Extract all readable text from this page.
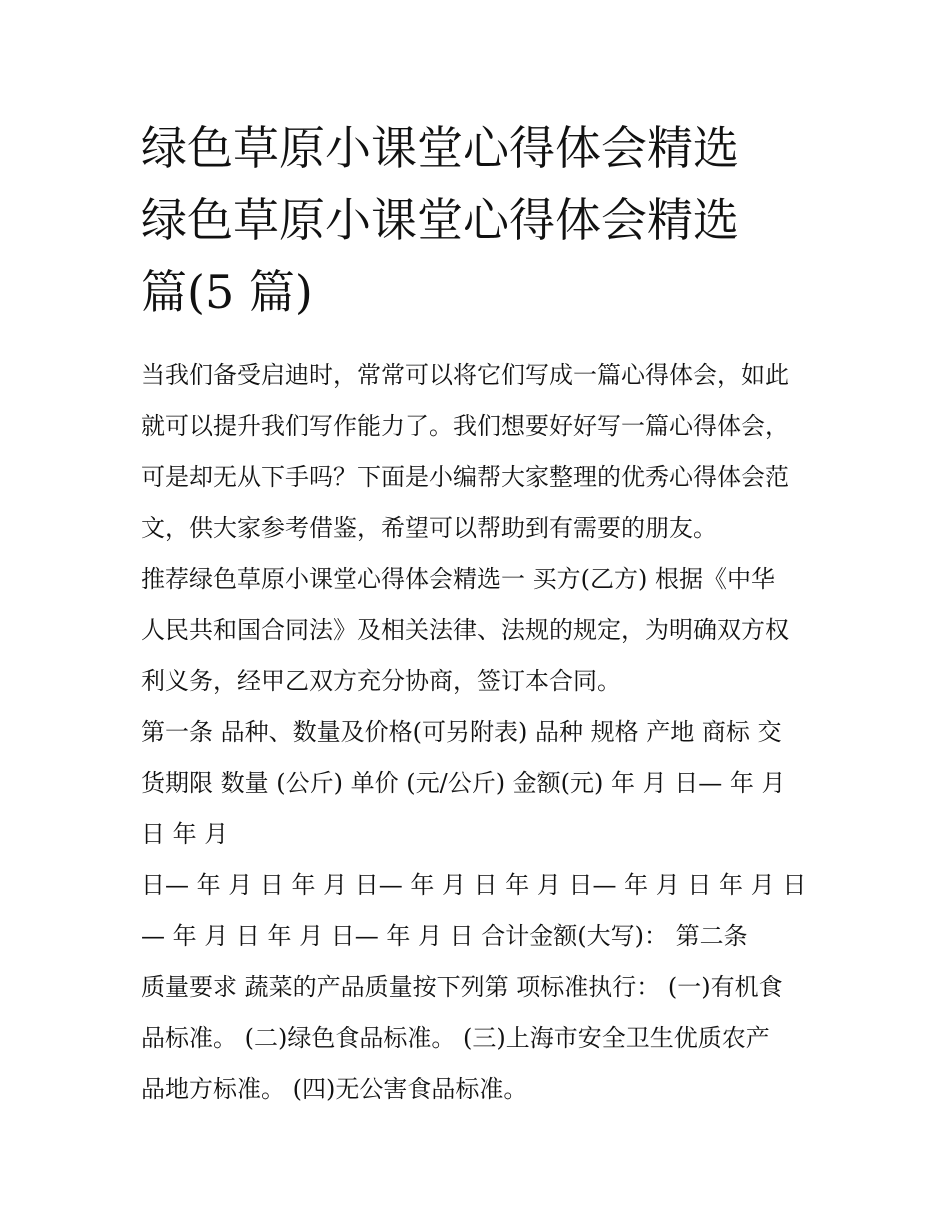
绿色草原小课堂心得体会精选
绿色草原小课堂心得体会精选
篇(5 篇)
当我们备受启迪时，常常可以将它们写成一篇心得体会，如此
就可以提升我们写作能力了。我们想要好好写一篇心得体会，
可是却无从下手吗？下面是小编帮大家整理的优秀心得体会范
文，供大家参考借鉴，希望可以帮助到有需要的朋友。
推荐绿色草原小课堂心得体会精选一 买方(乙方) 根据《中华
人民共和国合同法》及相关法律、法规的规定，为明确双方权
利义务，经甲乙双方充分协商，签订本合同。
第一条 品种、数量及价格(可另附表) 品种 规格 产地 商标 交
货期限 数量 (公斤) 单价 (元/公斤) 金额(元) 年 月 日— 年 月
日 年 月
日— 年 月 日 年 月 日— 年 月 日 年 月 日— 年 月 日 年 月 日
— 年 月 日 年 月 日— 年 月 日 合计金额(大写)： 第二条
质量要求 蔬菜的产品质量按下列第 项标准执行： (一)有机食
品标准。 (二)绿色食品标准。 (三)上海市安全卫生优质农产
品地方标准。 (四)无公害食品标准。
